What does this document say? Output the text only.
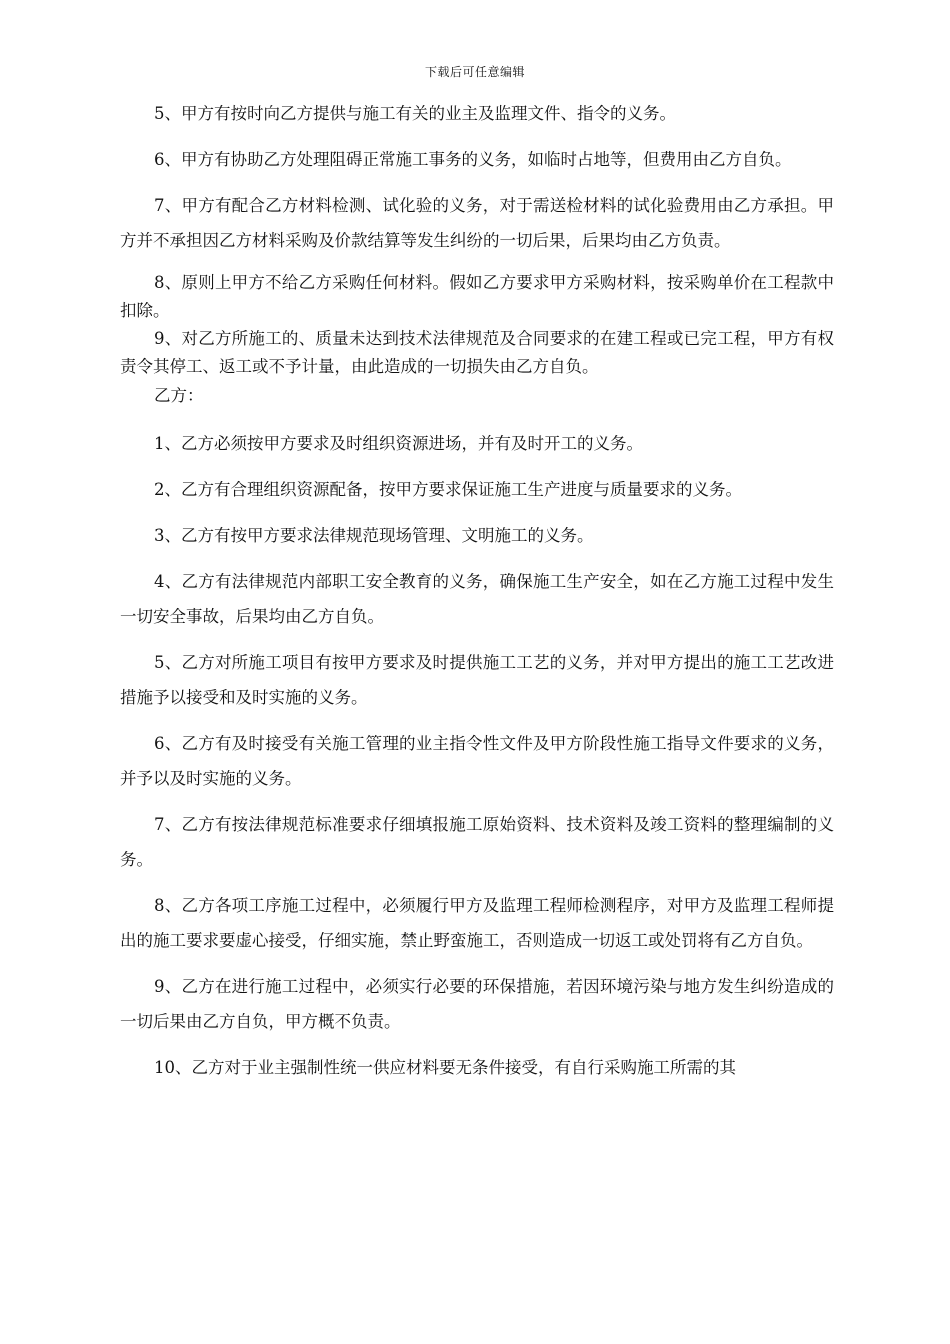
下载后可任意编辑

5、甲方有按时向乙方提供与施工有关的业主及监理文件、指令的义务。

6、甲方有协助乙方处理阻碍正常施工事务的义务，如临时占地等，但费用由乙方自负。

7、甲方有配合乙方材料检测、试化验的义务，对于需送检材料的试化验费用由乙方承担。甲方并不承担因乙方材料采购及价款结算等发生纠纷的一切后果，后果均由乙方负责。

8、原则上甲方不给乙方采购任何材料。假如乙方要求甲方采购材料，按采购单价在工程款中扣除。

9、对乙方所施工的、质量未达到技术法律规范及合同要求的在建工程或已完工程，甲方有权责令其停工、返工或不予计量，由此造成的一切损失由乙方自负。

乙方：

1、乙方必须按甲方要求及时组织资源进场，并有及时开工的义务。

2、乙方有合理组织资源配备，按甲方要求保证施工生产进度与质量要求的义务。

3、乙方有按甲方要求法律规范现场管理、文明施工的义务。

4、乙方有法律规范内部职工安全教育的义务，确保施工生产安全，如在乙方施工过程中发生一切安全事故，后果均由乙方自负。

5、乙方对所施工项目有按甲方要求及时提供施工工艺的义务，并对甲方提出的施工工艺改进措施予以接受和及时实施的义务。

6、乙方有及时接受有关施工管理的业主指令性文件及甲方阶段性施工指导文件要求的义务，并予以及时实施的义务。

7、乙方有按法律规范标准要求仔细填报施工原始资料、技术资料及竣工资料的整理编制的义务。

8、乙方各项工序施工过程中，必须履行甲方及监理工程师检测程序，对甲方及监理工程师提出的施工要求要虚心接受，仔细实施，禁止野蛮施工，否则造成一切返工或处罚将有乙方自负。

9、乙方在进行施工过程中，必须实行必要的环保措施，若因环境污染与地方发生纠纷造成的一切后果由乙方自负，甲方概不负责。

10、乙方对于业主强制性统一供应材料要无条件接受，有自行采购施工所需的其
